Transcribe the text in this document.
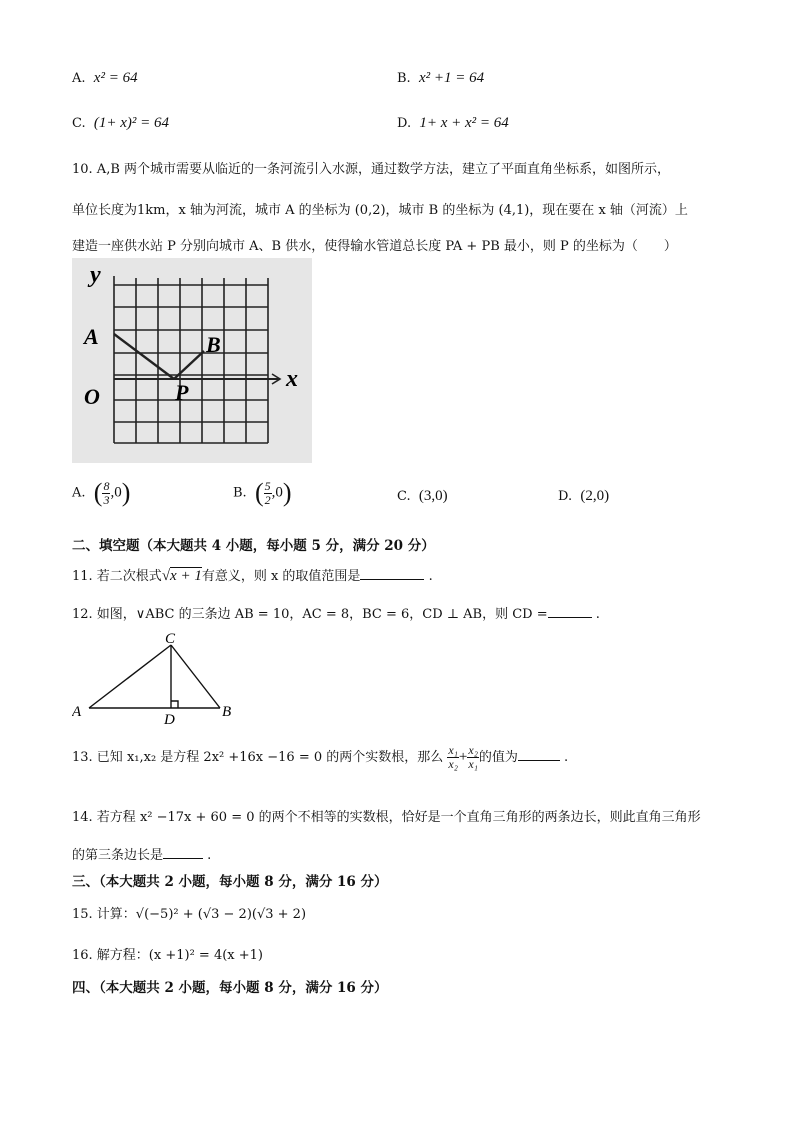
A. x² = 64	B. x² +1 = 64
C. (1+ x)² = 64	D. 1+ x + x² = 64
10. A,B 两个城市需要从临近的一条河流引入水源，通过数学方法，建立了平面直角坐标系，如图所示，
单位长度为1km，x 轴为河流，城市 A 的坐标为 (0,2)，城市 B 的坐标为 (4,1)，现在要在 x 轴（河流）上
建造一座供水站 P 分别向城市 A、B 供水，使得输水管道总长度 PA + PB 最小，则 P 的坐标为（　　）
y
x
A	B
O	P
A. ( $\frac{8}{3} ,0$)	B. ( $\frac{5}{2} ,0$)	C. (3,0)	D. (2,0)
二、填空题（本大题共 4 小题，每小题 5 分，满分 20 分）
11. 若二次根式√x + 1有意义，则 x 的取值范围是	.
12. 如图，∨ABC 的三条边 AB = 10，AC = 8，BC = 6，CD ⊥ AB，则 CD =	.
C
A	D	B
13. 已知 x₁,x₂ 是方程 2x² +16x −16 = 0 的两个实数根，那么 $\frac{\text{x₁}}{\text{x₂}} + \frac{\text{x₂}}{\text{x₁}}$ 的值为	.
14. 若方程 x² −17x + 60 = 0 的两个不相等的实数根，恰好是一个直角三角形的两条边长，则此直角三角形
的第三条边长是	.
三、（本大题共 2 小题，每小题 8 分，满分 16 分）
15. 计算：√(−5)² + (√3 − 2)(√3 + 2)
16. 解方程：(x +1)² = 4(x +1)
四、（本大题共 2 小题，每小题 8 分，满分 16 分）
